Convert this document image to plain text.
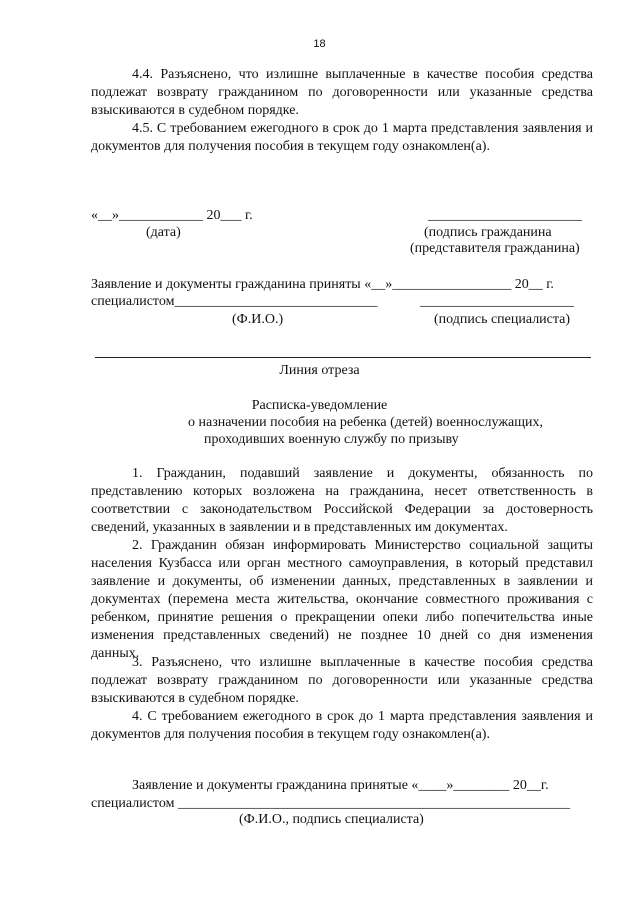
18
4.4. Разъяснено, что излишне выплаченные в качестве пособия средства подлежат возврату гражданином по договоренности или указанные средства взыскиваются в судебном порядке.
4.5. С требованием ежегодного в срок до 1 марта представления заявления и документов для получения пособия в текущем году ознакомлен(а).
«__»____________ 20___ г.
(дата)
______________________
(подпись гражданина
(представителя гражданина)
Заявление и документы гражданина приняты «__»_________________ 20__ г.
специалистом_____________________________	______________________
(Ф.И.О.)	(подпись специалиста)
Линия отреза
Расписка-уведомление
о назначении пособия на ребенка (детей) военнослужащих,
проходивших военную службу по призыву
1. Гражданин, подавший заявление и документы, обязанность по представлению которых возложена на гражданина, несет ответственность в соответствии с законодательством Российской Федерации за достоверность сведений, указанных в заявлении и в представленных им документах.
2. Гражданин обязан информировать Министерство социальной защиты населения Кузбасса или орган местного самоуправления, в который представил заявление и документы, об изменении данных, представленных в заявлении и документах (перемена места жительства, окончание совместного проживания с ребенком, принятие решения о прекращении опеки либо попечительства иные изменения представленных сведений) не позднее 10 дней со дня изменения данных.
3. Разъяснено, что излишне выплаченные в качестве пособия средства подлежат возврату гражданином по договоренности или указанные средства взыскиваются в судебном порядке.
4. С требованием ежегодного в срок до 1 марта представления заявления и документов для получения пособия в текущем году ознакомлен(а).
Заявление и документы гражданина принятые «____»________ 20__г.
специалистом ________________________________________________________
(Ф.И.О., подпись специалиста)
